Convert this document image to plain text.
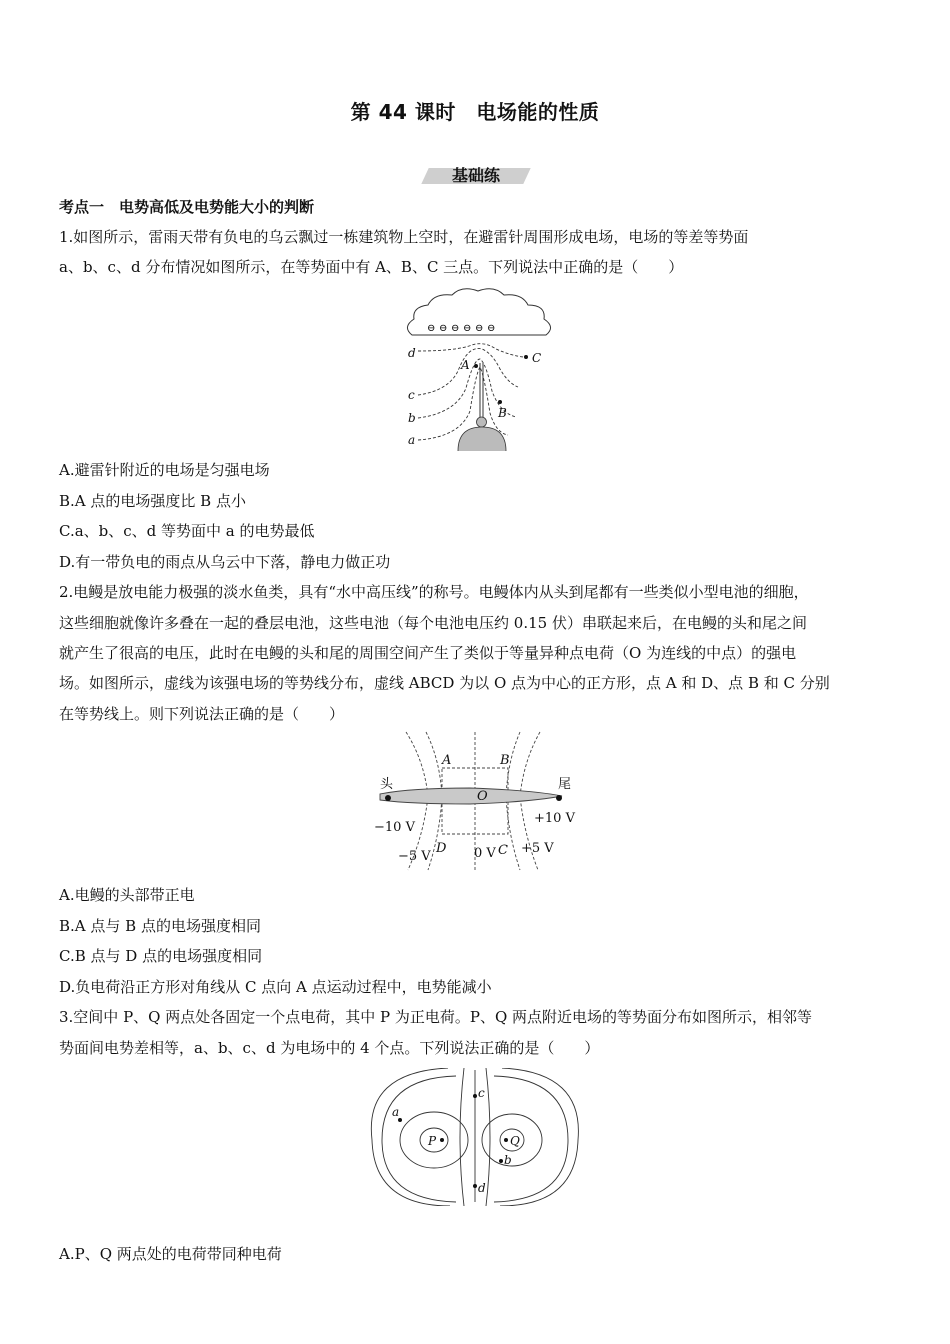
第 44 课时　电场能的性质
基础练
考点一　电势高低及电势能大小的判断
1.如图所示，雷雨天带有负电的乌云飘过一栋建筑物上空时，在避雷针周围形成电场，电场的等差等势面
a、b、c、d 分布情况如图所示，在等势面中有 A、B、C 三点。下列说法中正确的是（　　）
⊖ ⊖ ⊖ ⊖ ⊖ ⊖
d
c
b
a
A
B
C
A.避雷针附近的电场是匀强电场
B.A 点的电场强度比 B 点小
C.a、b、c、d 等势面中 a 的电势最低
D.有一带负电的雨点从乌云中下落，静电力做正功
2.电鳗是放电能力极强的淡水鱼类，具有“水中高压线”的称号。电鳗体内从头到尾都有一些类似小型电池的细胞，
这些细胞就像许多叠在一起的叠层电池，这些电池（每个电池电压约 0.15 伏）串联起来后，在电鳗的头和尾之间
就产生了很高的电压，此时在电鳗的头和尾的周围空间产生了类似于等量异种点电荷（O 为连线的中点）的强电
场。如图所示，虚线为该强电场的等势线分布，虚线 ABCD 为以 O 点为中心的正方形，点 A 和 D、点 B 和 C 分别
在等势线上。则下列说法正确的是（　　）
头	尾
O
A	B
C
D
−10 V
−5 V	0 V +5 V
+10 V
A.电鳗的头部带正电
B.A 点与 B 点的电场强度相同
C.B 点与 D 点的电场强度相同
D.负电荷沿正方形对角线从 C 点向 A 点运动过程中，电势能减小
3.空间中 P、Q 两点处各固定一个点电荷，其中 P 为正电荷。P、Q 两点附近电场的等势面分布如图所示，相邻等
势面间电势差相等，a、b、c、d 为电场中的 4 个点。下列说法正确的是（　　）
P	Q
a
b
c
d
A.P、Q 两点处的电荷带同种电荷
